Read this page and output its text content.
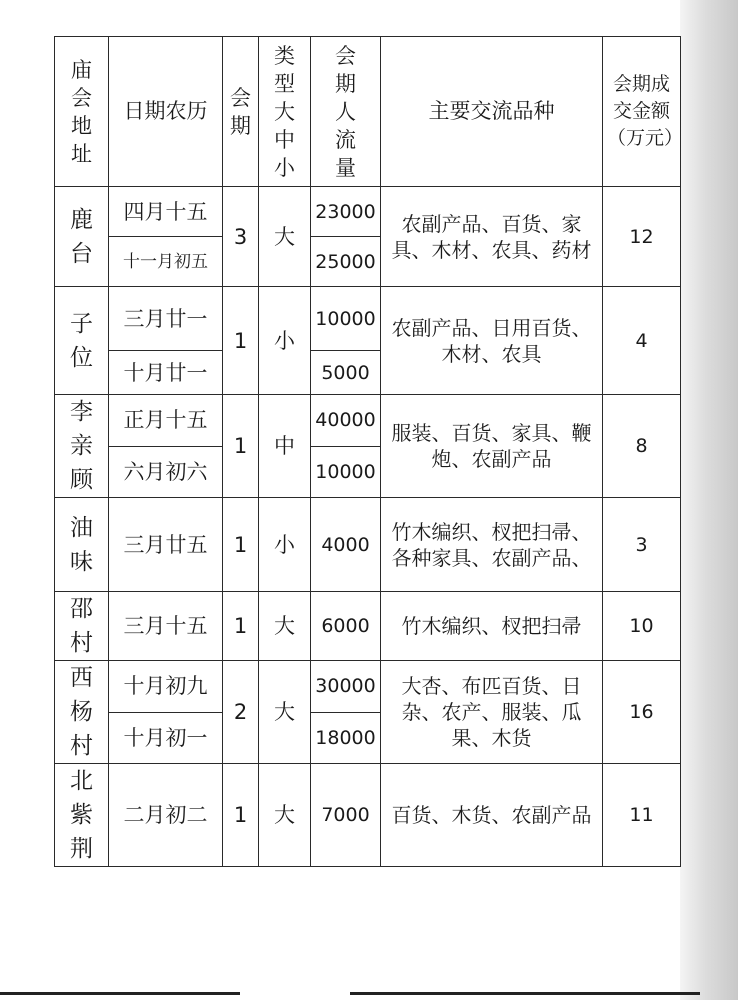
庙会地址	日期农历	会期	类型大中小	会期人流量	主要交流品种	会期成交金额（万元）
鹿台	四月十五	3	大	23000	农副产品、百货、家具、木材、农具、药材	12
	十一月初五			25000		
子位	三月廿一	1	小	10000	农副产品、日用百货、木材、农具	4
	十月廿一			5000		
李亲顾	正月十五	1	中	40000	服装、百货、家具、鞭炮、农副产品	8
	六月初六			10000		
油味	三月廿五	1	小	4000	竹木编织、杈把扫帚、各种家具、农副产品、	3
邵村	三月十五	1	大	6000	竹木编织、杈把扫帚	10
西杨村	十月初九	2	大	30000	大杏、布匹百货、日杂、农产、服装、瓜果、木货	16
	十月初一			18000		
北紫荆	二月初二	1	大	7000	百货、木货、农副产品	11
